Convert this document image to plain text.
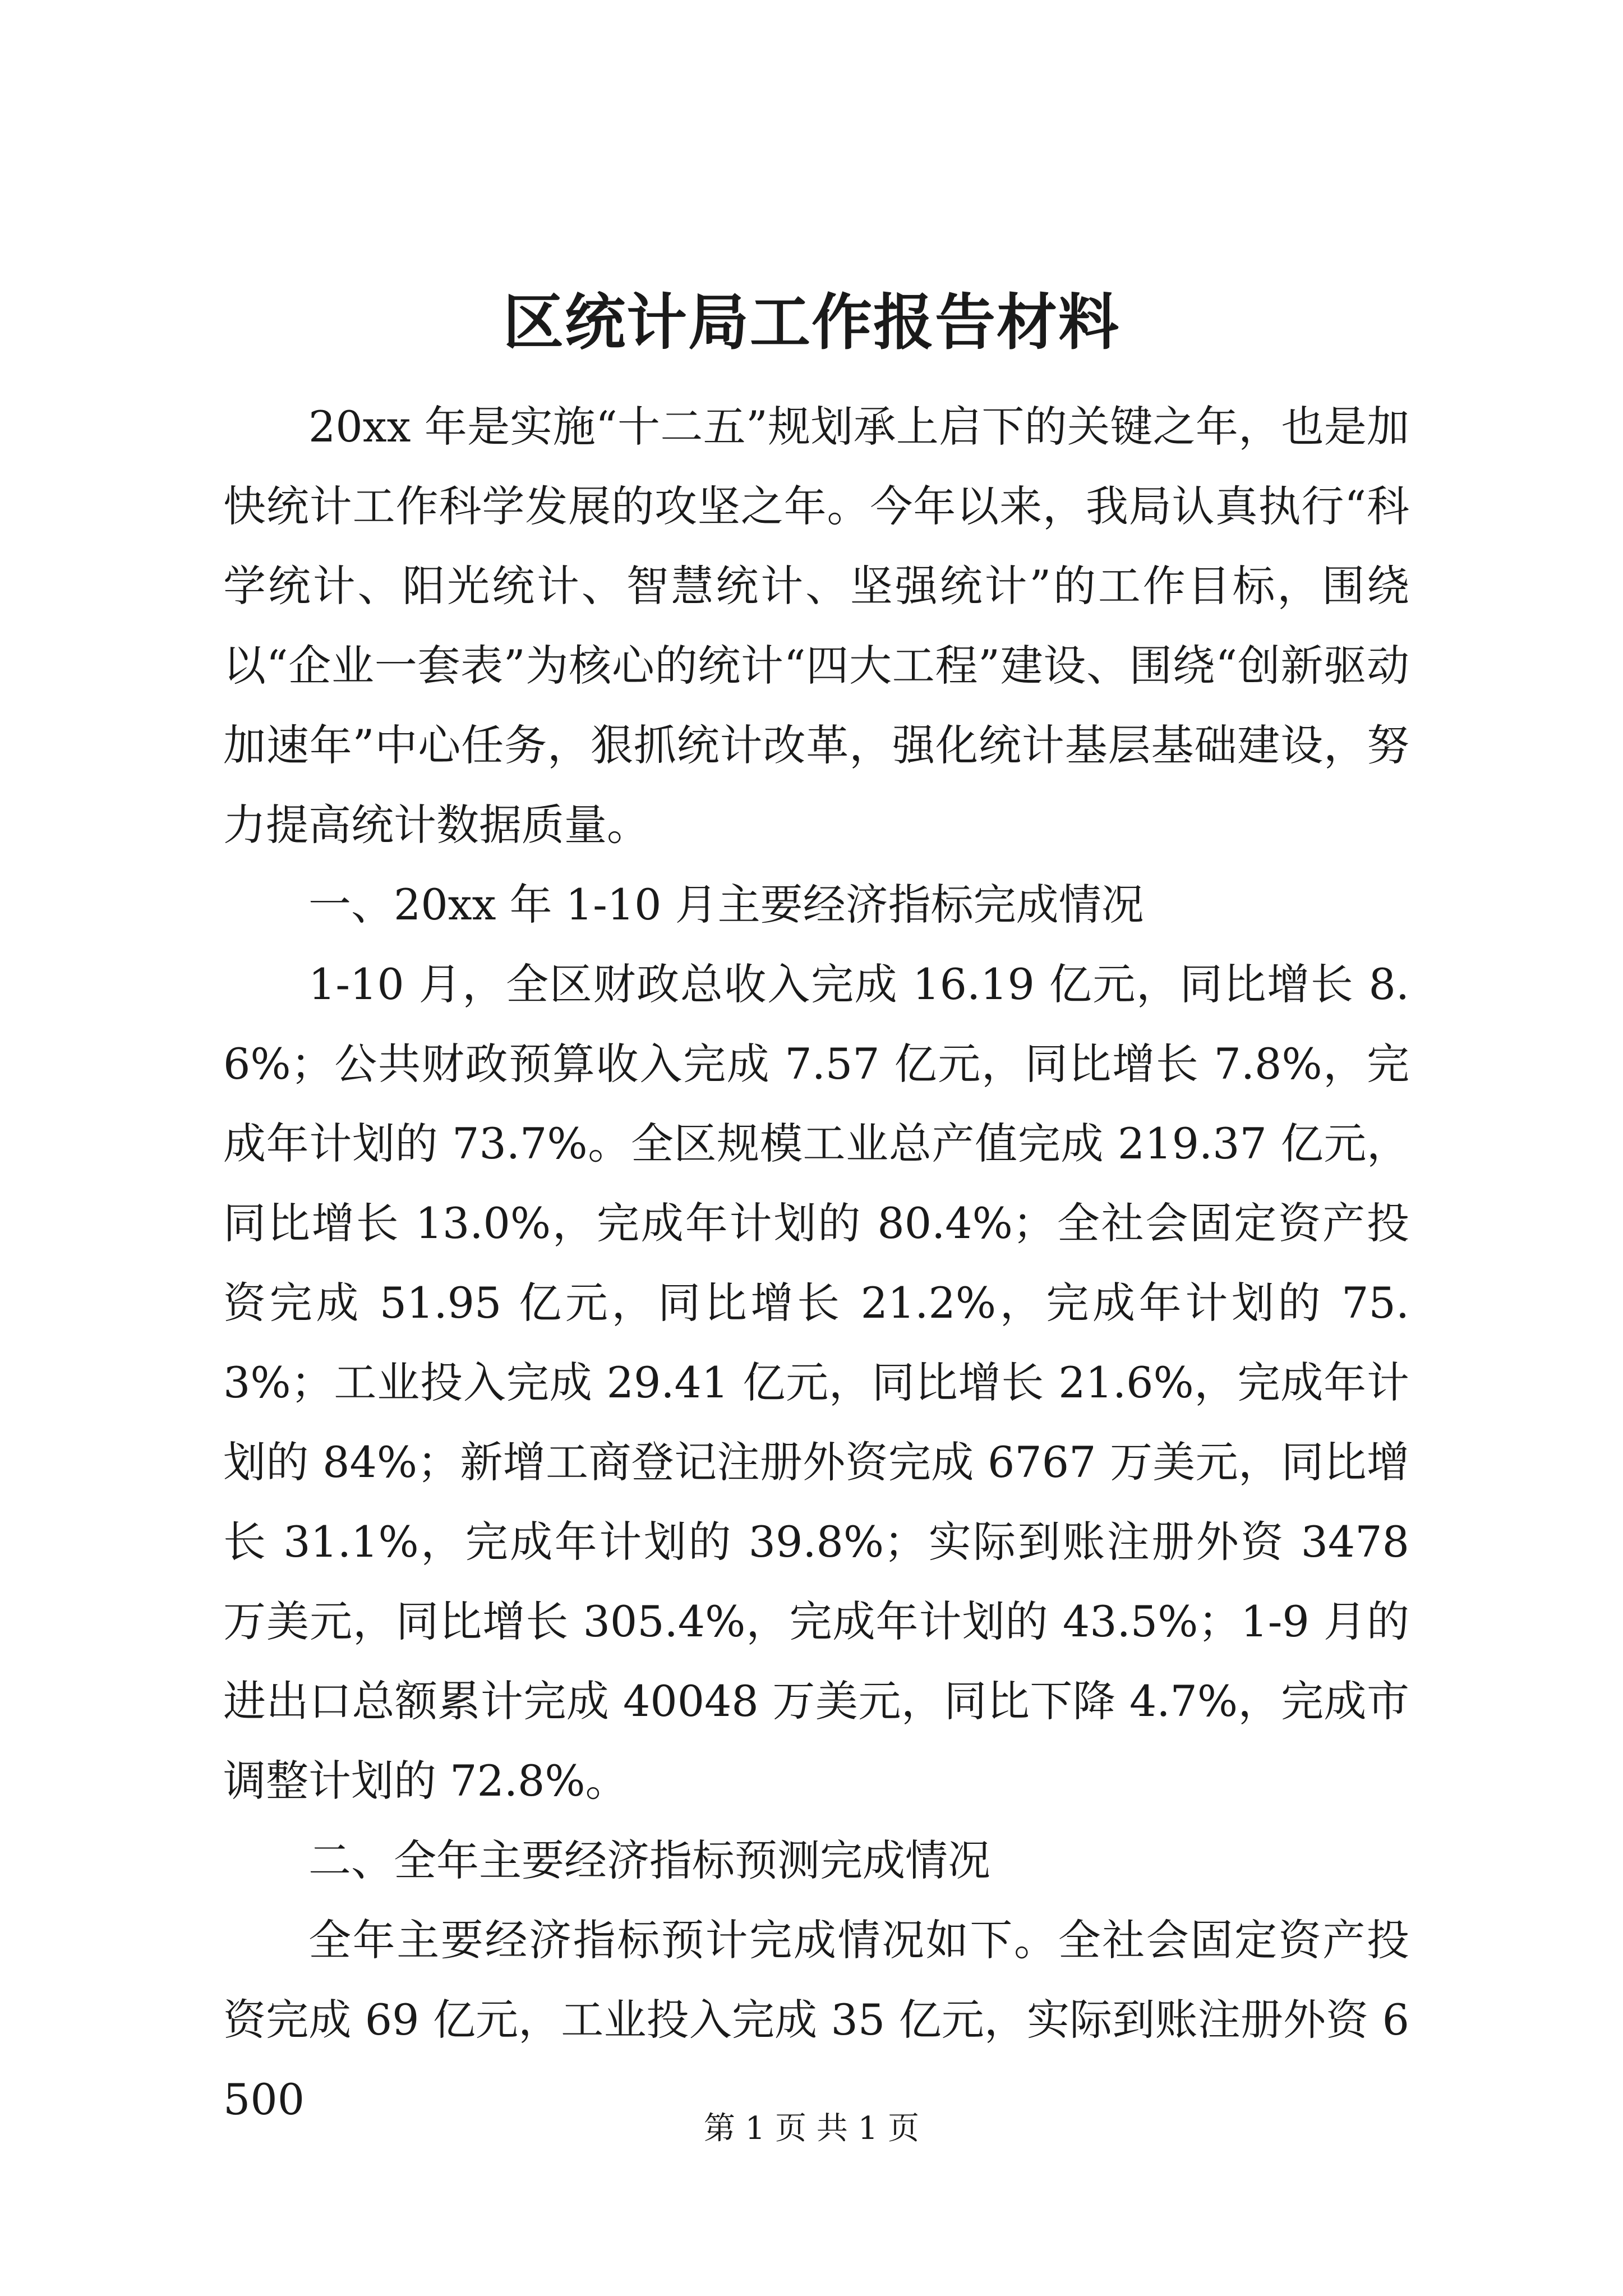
区统计局工作报告材料

20xx 年是实施“十二五”规划承上启下的关键之年，也是加快统计工作科学发展的攻坚之年。今年以来，我局认真执行“科学统计、阳光统计、智慧统计、坚强统计”的工作目标，围绕以“企业一套表”为核心的统计“四大工程”建设、围绕“创新驱动加速年”中心任务，狠抓统计改革，强化统计基层基础建设，努力提高统计数据质量。

一、20xx 年 1-10 月主要经济指标完成情况

1-10 月，全区财政总收入完成 16.19 亿元，同比增长 8.6%；公共财政预算收入完成 7.57 亿元，同比增长 7.8%，完成年计划的 73.7%。全区规模工业总产值完成 219.37 亿元，同比增长 13.0%，完成年计划的 80.4%；全社会固定资产投资完成 51.95 亿元，同比增长 21.2%，完成年计划的 75.3%；工业投入完成 29.41 亿元，同比增长 21.6%，完成年计划的 84%；新增工商登记注册外资完成 6767 万美元，同比增长 31.1%，完成年计划的 39.8%；实际到账注册外资 3478 万美元，同比增长 305.4%，完成年计划的 43.5%；1-9 月的进出口总额累计完成 40048 万美元，同比下降 4.7%，完成市调整计划的 72.8%。

二、全年主要经济指标预测完成情况

全年主要经济指标预计完成情况如下。全社会固定资产投资完成 69 亿元，工业投入完成 35 亿元，实际到账注册外资 6500

第 1 页 共 1 页
